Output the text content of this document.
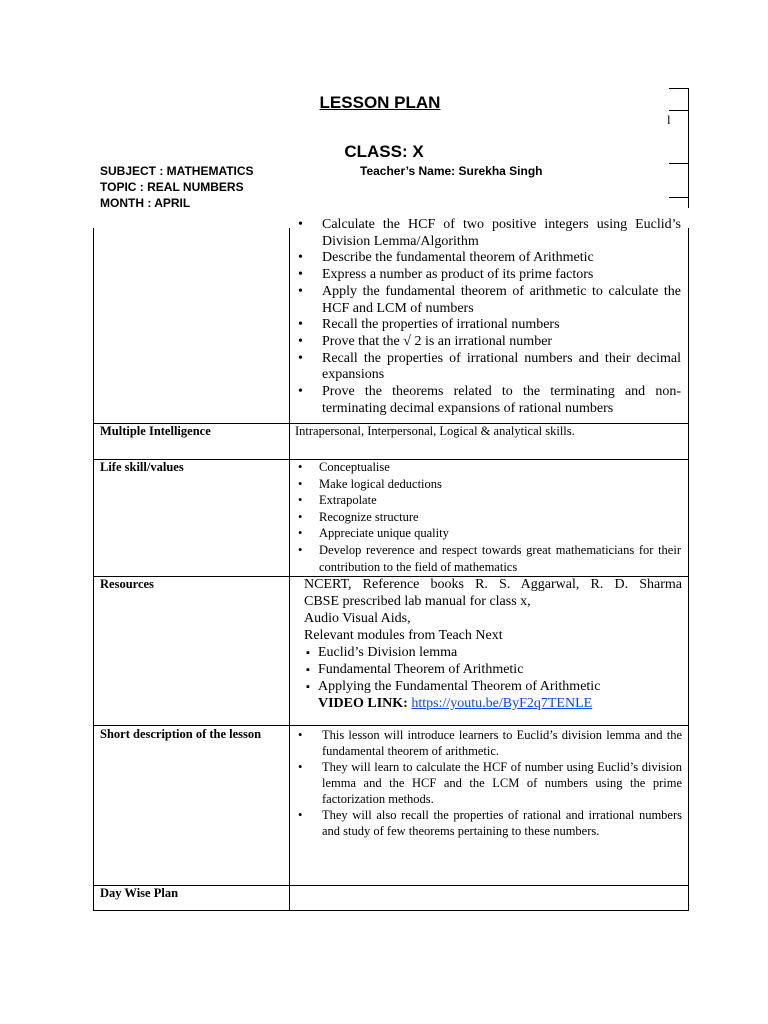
LESSON PLAN
CLASS: X
SUBJECT : MATHEMATICS
TOPIC : REAL NUMBERS
MONTH : APRIL
Teacher’s Name: Surekha Singh
l
• Calculate the HCF of two positive integers using Euclid’s Division Lemma/Algorithm
• Describe the fundamental theorem of Arithmetic
• Express a number as product of its prime factors
• Apply the fundamental theorem of arithmetic to calculate the HCF and LCM of numbers
• Recall the properties of irrational numbers
• Prove that the √ 2 is an irrational number
• Recall the properties of irrational numbers and their decimal expansions
• Prove the theorems related to the terminating and non-terminating decimal expansions of rational numbers
Multiple Intelligence	Intrapersonal, Interpersonal, Logical & analytical skills.
Life skill/values	• Conceptualise
• Make logical deductions
• Extrapolate
• Recognize structure
• Appreciate unique quality
• Develop reverence and respect towards great mathematicians for their contribution to the field of mathematics
Resources	NCERT, Reference books R. S. Aggarwal, R. D. Sharma
CBSE prescribed lab manual for class x,
Audio Visual Aids,
Relevant modules from Teach Next
▪ Euclid’s Division lemma
▪ Fundamental Theorem of Arithmetic
▪ Applying the Fundamental Theorem of Arithmetic
VIDEO LINK: https://youtu.be/ByF2q7TENLE
Short description of the lesson	• This lesson will introduce learners to Euclid’s division lemma and the fundamental theorem of arithmetic.
• They will learn to calculate the HCF of number using Euclid’s division lemma and the HCF and the LCM of numbers using the prime factorization methods.
• They will also recall the properties of rational and irrational numbers and study of few theorems pertaining to these numbers.
Day Wise Plan
